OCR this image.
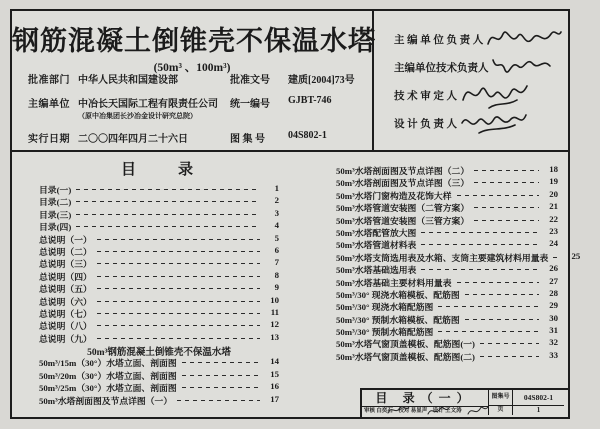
钢筋混凝土倒锥壳不保温水塔
(50m³ 、100m³)
批准部门 中华人民共和国建设部	批准文号	建质[2004]73号
主编单位 中冶长天国际工程有限责任公司
（原中冶集团长沙冶金设计研究总院）
统一编号	GJBT-746
实行日期 二〇〇四年四月二十六日	图 集 号	04S802-1
主 编 单 位 负 责 人
主编单位技术负责人
技 术 审 定 人
设 计 负 责 人
目　　录
目录(一)	1
目录(二)	2
目录(三)	3
目录(四)	4
总说明（一）	5
总说明（二）	6
总说明（三）	7
总说明（四）	8
总说明（五）	9
总说明（六）	10
总说明（七）	11
总说明（八）	12
总说明（九）	13
50m³钢筋混凝土倒锥壳不保温水塔
50m³/15m（30°）水塔立面、剖面图	14
50m³/20m（30°）水塔立面、剖面图	15
50m³/25m（30°）水塔立面、剖面图	16
50m³水塔剖面图及节点详图（一）	17
50m³水塔剖面图及节点详图（二）	18
50m³水塔剖面图及节点详图（三）	19
50m³水塔门窗构造及花饰大样	20
50m³水塔管道安装图（二管方案）	21
50m³水塔管道安装图（三管方案）	22
50m³水塔配管放大图	23
50m³水塔管道材料表	24
50m³水塔支筒选用表及水箱、支筒主要建筑材料用量表	25
50m³水塔基础选用表	26
50m³水塔基础主要材料用量表	27
50m³/30° 现浇水箱模板、配筋图	28
50m³/30° 现浇水箱配筋图	29
50m³/30° 预制水箱模板、配筋图	30
50m³/30° 预制水箱配筋图	31
50m³水塔气窗顶盖模板、配筋图(一)	32
50m³水塔气窗顶盖模板、配筋图(二)	33
目 录（一）	图集号	04S802-1
审核 白奕石　校对 易显声　设计 王文涛	页	1
